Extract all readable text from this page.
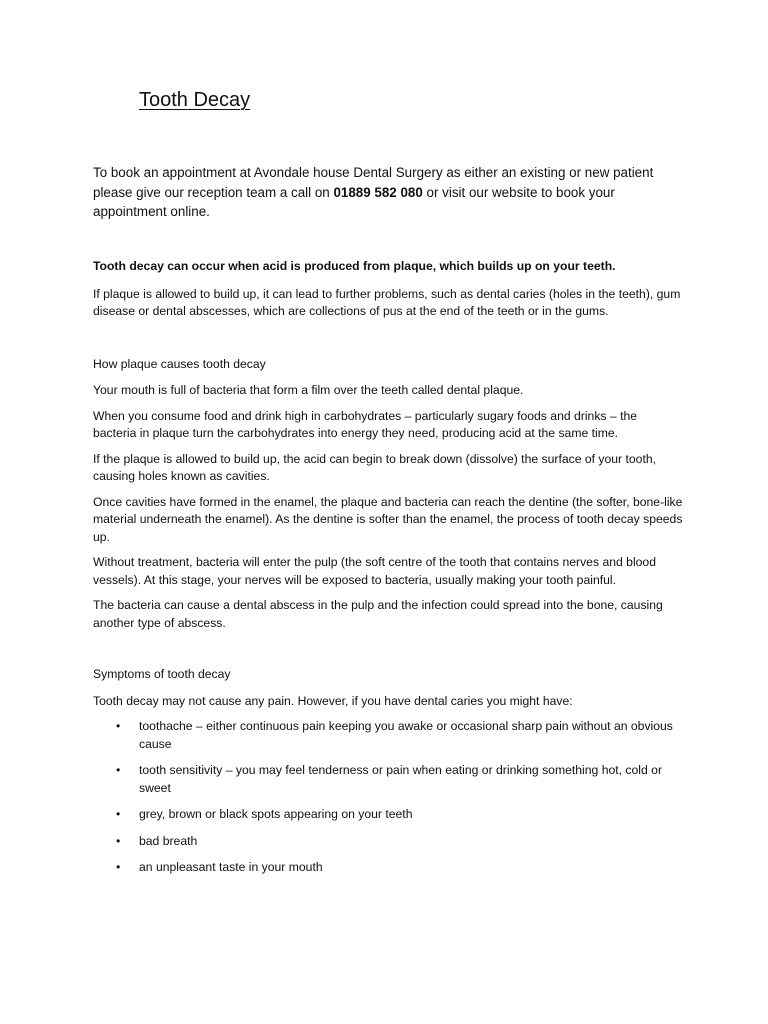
Tooth Decay

To book an appointment at Avondale house Dental Surgery as either an existing or new patient please give our reception team a call on 01889 582 080 or visit our website to book your appointment online.

Tooth decay can occur when acid is produced from plaque, which builds up on your teeth.

If plaque is allowed to build up, it can lead to further problems, such as dental caries (holes in the teeth), gum disease or dental abscesses, which are collections of pus at the end of the teeth or in the gums.

How plaque causes tooth decay

Your mouth is full of bacteria that form a film over the teeth called dental plaque.

When you consume food and drink high in carbohydrates – particularly sugary foods and drinks – the bacteria in plaque turn the carbohydrates into energy they need, producing acid at the same time.

If the plaque is allowed to build up, the acid can begin to break down (dissolve) the surface of your tooth, causing holes known as cavities.

Once cavities have formed in the enamel, the plaque and bacteria can reach the dentine (the softer, bone-like material underneath the enamel). As the dentine is softer than the enamel, the process of tooth decay speeds up.

Without treatment, bacteria will enter the pulp (the soft centre of the tooth that contains nerves and blood vessels). At this stage, your nerves will be exposed to bacteria, usually making your tooth painful.

The bacteria can cause a dental abscess in the pulp and the infection could spread into the bone, causing another type of abscess.

Symptoms of tooth decay

Tooth decay may not cause any pain. However, if you have dental caries you might have:

• toothache – either continuous pain keeping you awake or occasional sharp pain without an obvious cause
• tooth sensitivity – you may feel tenderness or pain when eating or drinking something hot, cold or sweet
• grey, brown or black spots appearing on your teeth
• bad breath
• an unpleasant taste in your mouth
